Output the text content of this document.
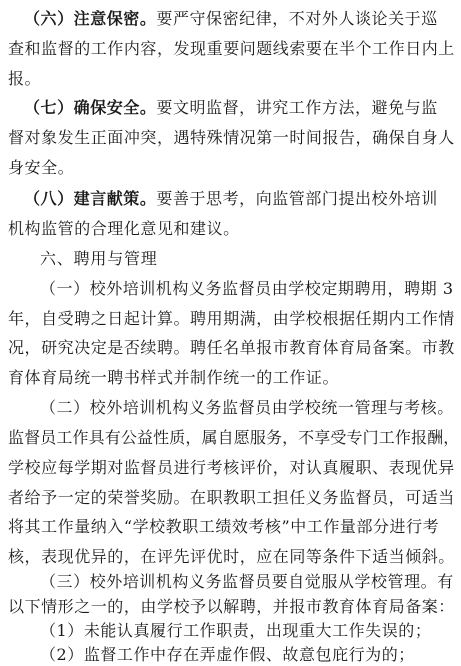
（六）注意保密。要严守保密纪律，不对外人谈论关于巡
查和监督的工作内容，发现重要问题线索要在半个工作日内上
报。
（七）确保安全。要文明监督，讲究工作方法，避免与监
督对象发生正面冲突，遇特殊情况第一时间报告，确保自身人
身安全。
（八）建言献策。要善于思考，向监管部门提出校外培训
机构监管的合理化意见和建议。
六、聘用与管理
（一）校外培训机构义务监督员由学校定期聘用，聘期 3
年，自受聘之日起计算。聘用期满，由学校根据任期内工作情
况，研究决定是否续聘。聘任名单报市教育体育局备案。市教
育体育局统一聘书样式并制作统一的工作证。
（二）校外培训机构义务监督员由学校统一管理与考核。
监督员工作具有公益性质，属自愿服务，不享受专门工作报酬，
学校应每学期对监督员进行考核评价，对认真履职、表现优异
者给予一定的荣誉奖励。在职教职工担任义务监督员，可适当
将其工作量纳入“学校教职工绩效考核”中工作量部分进行考
核，表现优异的，在评先评优时，应在同等条件下适当倾斜。
（三）校外培训机构义务监督员要自觉服从学校管理。有
以下情形之一的，由学校予以解聘，并报市教育体育局备案：
（1）未能认真履行工作职责，出现重大工作失误的；
（2）监督工作中存在弄虚作假、故意包庇行为的；
